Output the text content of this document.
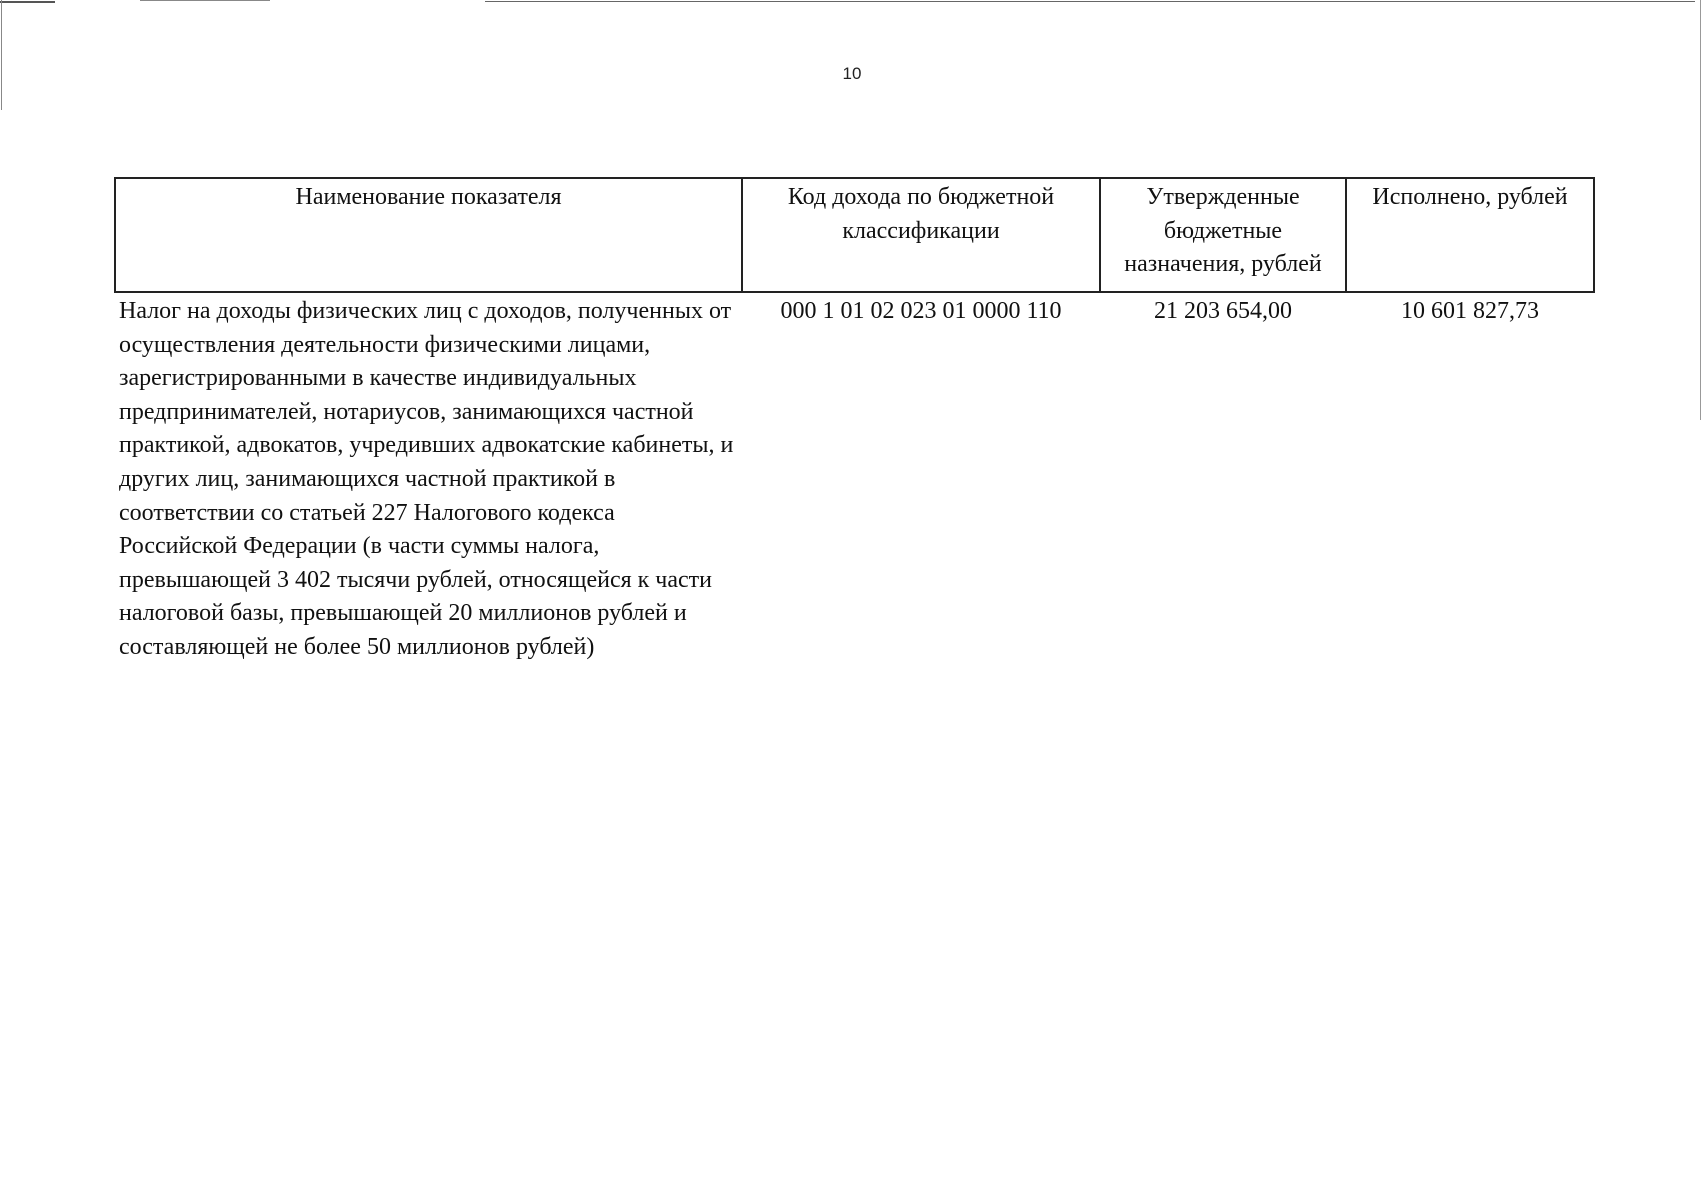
10
Наименование показателя	Код дохода по бюджетной классификации	Утвержденные бюджетные назначения, рублей	Исполнено, рублей
Налог на доходы физических лиц с доходов, полученных от осуществления деятельности физическими лицами, зарегистрированными в качестве индивидуальных предпринимателей, нотариусов, занимающихся частной практикой, адвокатов, учредивших адвокатские кабинеты, и других лиц, занимающихся частной практикой в соответствии со статьей 227 Налогового кодекса Российской Федерации (в части суммы налога, превышающей 3 402 тысячи рублей, относящейся к части налоговой базы, превышающей 20 миллионов рублей и составляющей не более 50 миллионов рублей)	000 1 01 02 023 01 0000 110	21 203 654,00	10 601 827,73
